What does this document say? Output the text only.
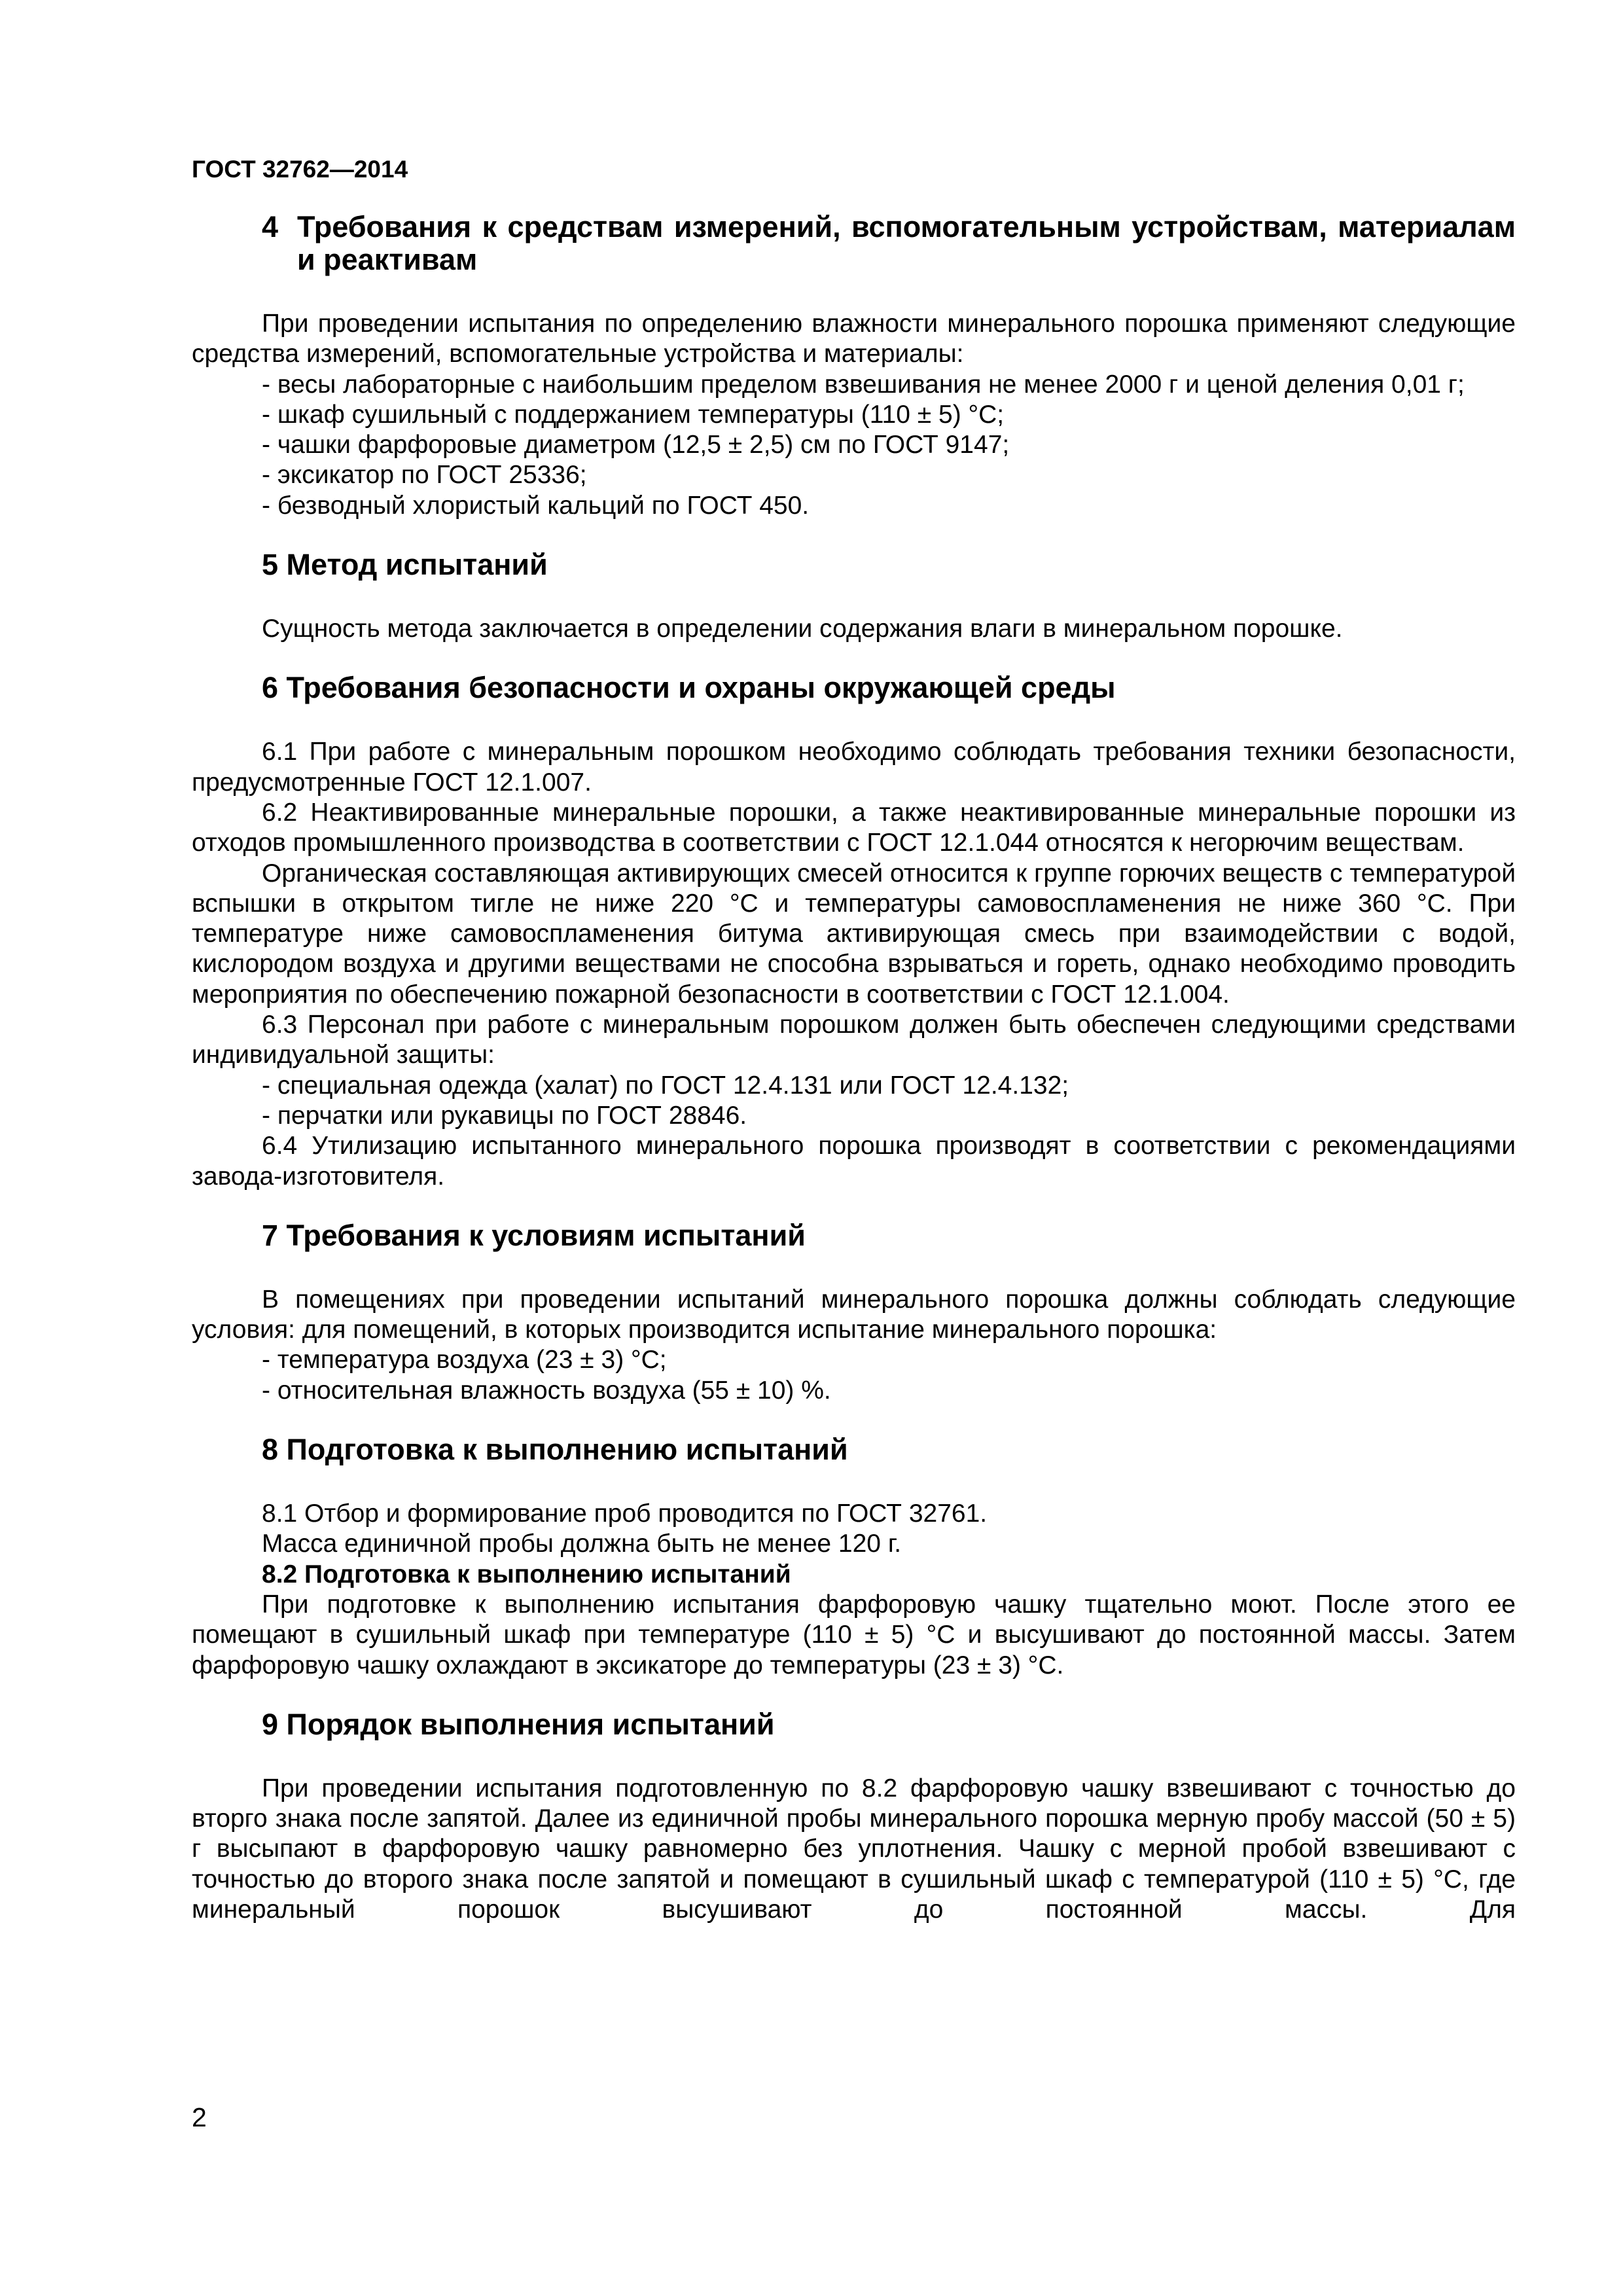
ГОСТ 32762—2014
4 Требования к средствам измерений, вспомогательным устройствам, материалам и реактивам

При проведении испытания по определению влажности минерального порошка применяют следующие средства измерений, вспомогательные устройства и материалы:

- весы лабораторные с наибольшим пределом взвешивания не менее 2000 г и ценой деления 0,01 г;

- шкаф сушильный с поддержанием температуры (110 ± 5) °С;

- чашки фарфоровые диаметром (12,5 ± 2,5) см по ГОСТ 9147;

- эксикатор по ГОСТ 25336;

- безводный хлористый кальций по ГОСТ 450.

5 Метод испытаний

Сущность метода заключается в определении содержания влаги в минеральном порошке.

6 Требования безопасности и охраны окружающей среды

6.1 При работе с минеральным порошком необходимо соблюдать требования техники безопасности, предусмотренные ГОСТ 12.1.007.

6.2 Неактивированные минеральные порошки, а также неактивированные минеральные порошки из отходов промышленного производства в соответствии с ГОСТ 12.1.044 относятся к негорючим веществам.

Органическая составляющая активирующих смесей относится к группе горючих веществ с температурой вспышки в открытом тигле не ниже 220 °С и температуры самовоспламенения не ниже 360 °С. При температуре ниже самовоспламенения битума активирующая смесь при взаимодействии с водой, кислородом воздуха и другими веществами не способна взрываться и гореть, однако необходимо проводить мероприятия по обеспечению пожарной безопасности в соответствии с ГОСТ 12.1.004.

6.3 Персонал при работе с минеральным порошком должен быть обеспечен следующими средствами индивидуальной защиты:

- специальная одежда (халат) по ГОСТ 12.4.131 или ГОСТ 12.4.132;

- перчатки или рукавицы по ГОСТ 28846.

6.4 Утилизацию испытанного минерального порошка производят в соответствии с рекомендациями завода-изготовителя.

7 Требования к условиям испытаний

В помещениях при проведении испытаний минерального порошка должны соблюдать следующие условия: для помещений, в которых производится испытание минерального порошка:

- температура воздуха (23 ± 3) °С;

- относительная влажность воздуха (55 ± 10) %.

8 Подготовка к выполнению испытаний

8.1 Отбор и формирование проб проводится по ГОСТ 32761.

Масса единичной пробы должна быть не менее 120 г.

8.2 Подготовка к выполнению испытаний

При подготовке к выполнению испытания фарфоровую чашку тщательно моют. После этого ее помещают в сушильный шкаф при температуре (110 ± 5) °С и высушивают до постоянной массы. Затем фарфоровую чашку охлаждают в эксикаторе до температуры (23 ± 3) °С.

9 Порядок выполнения испытаний

При проведении испытания подготовленную по 8.2 фарфоровую чашку взвешивают с точностью до вторго знака после запятой. Далее из единичной пробы минерального порошка мерную пробу массой (50 ± 5) г высыпают в фарфоровую чашку равномерно без уплотнения. Чашку с мерной пробой взвешивают с точностью до второго знака после запятой и помещают в сушильный шкаф с температурой (110 ± 5) °С, где минеральный порошок высушивают до постоянной массы. Для

2
